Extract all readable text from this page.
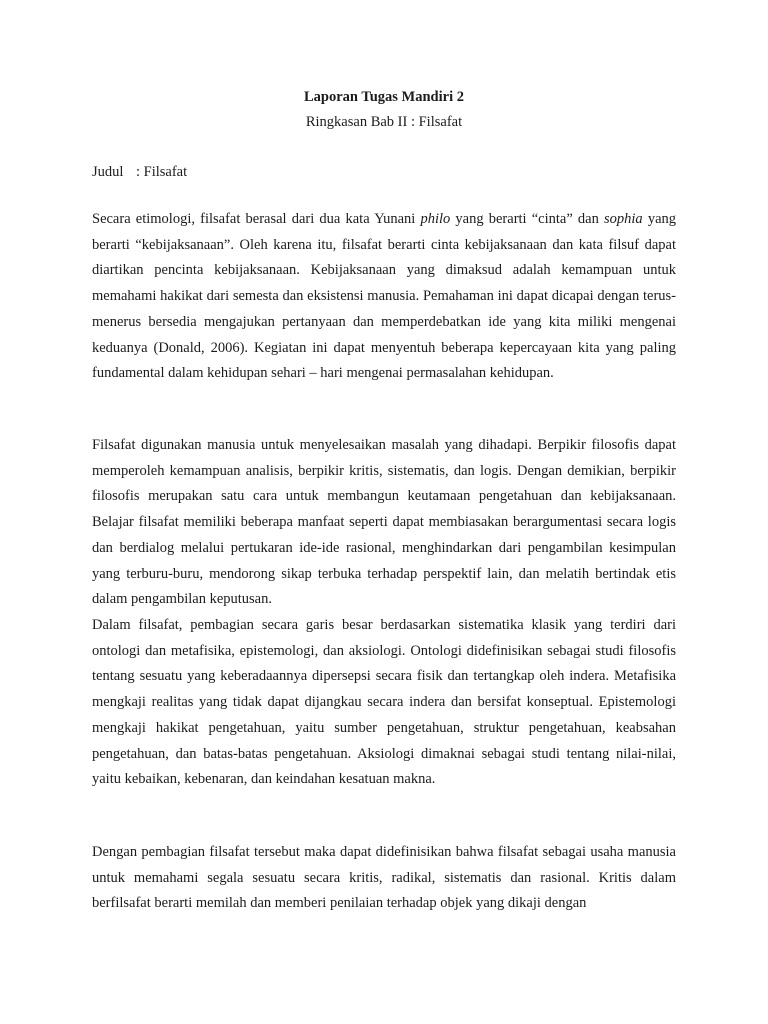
Laporan Tugas Mandiri 2
Ringkasan Bab II : Filsafat
Judul : Filsafat

Secara etimologi, filsafat berasal dari dua kata Yunani philo yang berarti “cinta” dan sophia yang berarti “kebijaksanaan”. Oleh karena itu, filsafat berarti cinta kebijaksanaan dan kata filsuf dapat diartikan pencinta kebijaksanaan. Kebijaksanaan yang dimaksud adalah kemampuan untuk memahami hakikat dari semesta dan eksistensi manusia. Pemahaman ini dapat dicapai dengan terus-menerus bersedia mengajukan pertanyaan dan memperdebatkan ide yang kita miliki mengenai keduanya (Donald, 2006). Kegiatan ini dapat menyentuh beberapa kepercayaan kita yang paling fundamental dalam kehidupan sehari – hari mengenai permasalahan kehidupan.

Filsafat digunakan manusia untuk menyelesaikan masalah yang dihadapi. Berpikir filosofis dapat memperoleh kemampuan analisis, berpikir kritis, sistematis, dan logis. Dengan demikian, berpikir filosofis merupakan satu cara untuk membangun keutamaan pengetahuan dan kebijaksanaan. Belajar filsafat memiliki beberapa manfaat seperti dapat membiasakan berargumentasi secara logis dan berdialog melalui pertukaran ide-ide rasional, menghindarkan dari pengambilan kesimpulan yang terburu-buru, mendorong sikap terbuka terhadap perspektif lain, dan melatih bertindak etis dalam pengambilan keputusan.

Dalam filsafat, pembagian secara garis besar berdasarkan sistematika klasik yang terdiri dari ontologi dan metafisika, epistemologi, dan aksiologi. Ontologi didefinisikan sebagai studi filosofis tentang sesuatu yang keberadaannya dipersepsi secara fisik dan tertangkap oleh indera. Metafisika mengkaji realitas yang tidak dapat dijangkau secara indera dan bersifat konseptual. Epistemologi mengkaji hakikat pengetahuan, yaitu sumber pengetahuan, struktur pengetahuan, keabsahan pengetahuan, dan batas-batas pengetahuan. Aksiologi dimaknai sebagai studi tentang nilai-nilai, yaitu kebaikan, kebenaran, dan keindahan kesatuan makna.

Dengan pembagian filsafat tersebut maka dapat didefinisikan bahwa filsafat sebagai usaha manusia untuk memahami segala sesuatu secara kritis, radikal, sistematis dan rasional. Kritis dalam berfilsafat berarti memilah dan memberi penilaian terhadap objek yang dikaji dengan
